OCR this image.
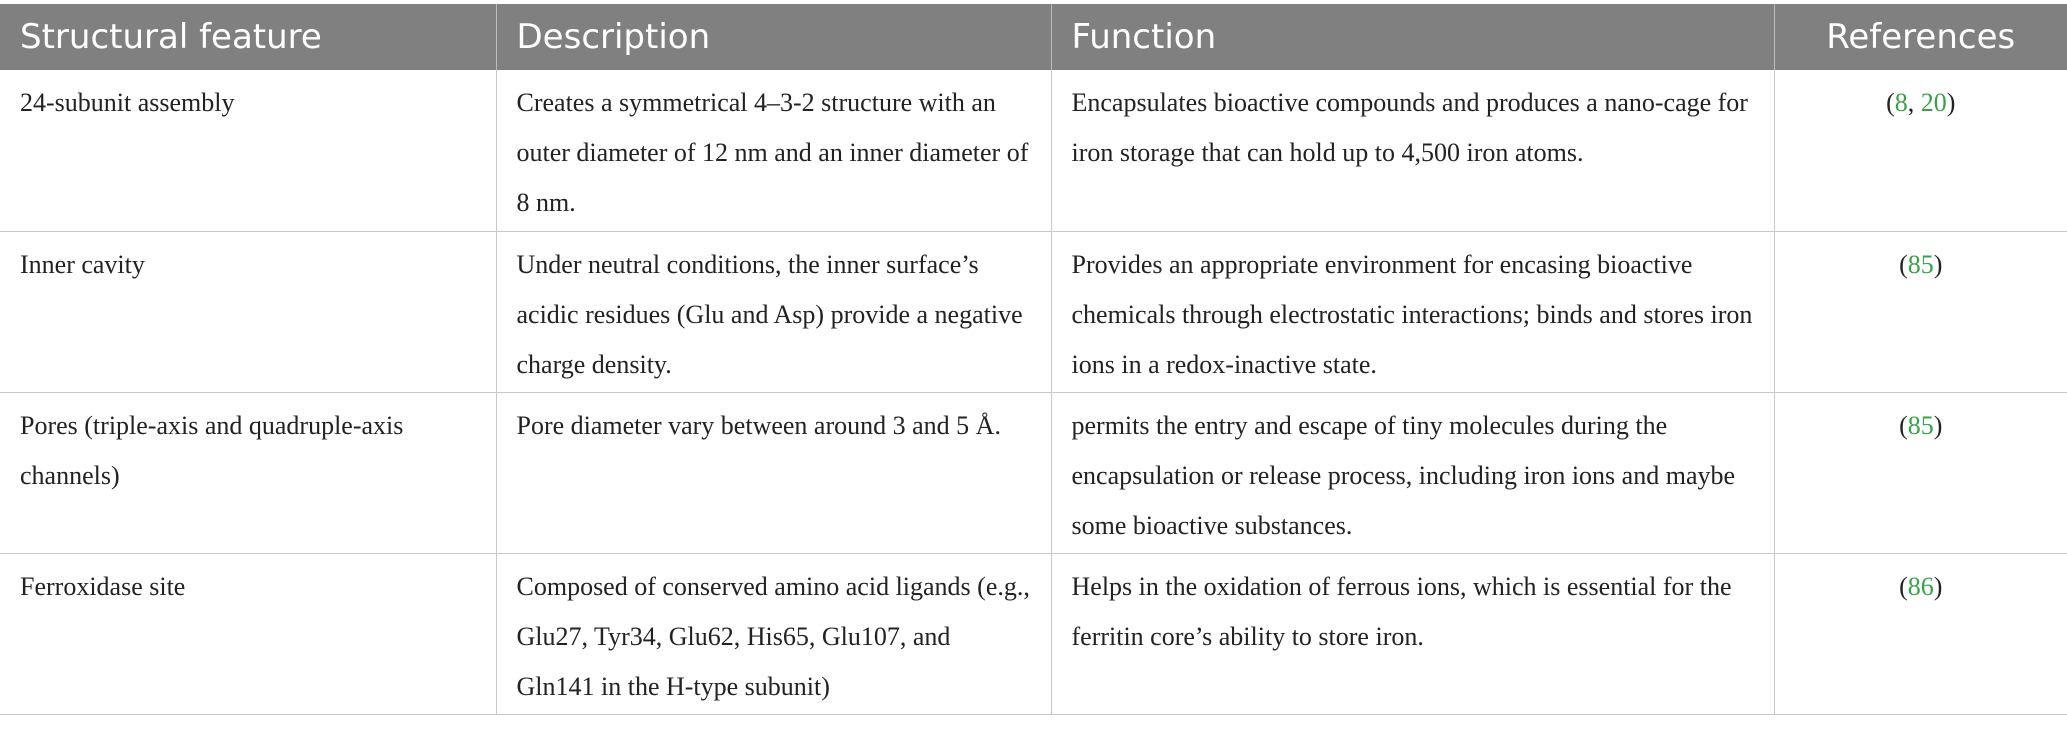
Structural feature	Description	Function	References
24-subunit assembly	Creates a symmetrical 4–3-2 structure with an outer diameter of 12 nm and an inner diameter of 8 nm.	Encapsulates bioactive compounds and produces a nano-cage for iron storage that can hold up to 4,500 iron atoms.	(8, 20)
Inner cavity	Under neutral conditions, the inner surface’s acidic residues (Glu and Asp) provide a negative charge density.	Provides an appropriate environment for encasing bioactive chemicals through electrostatic interactions; binds and stores iron ions in a redox-inactive state.	(85)
Pores (triple-axis and quadruple-axis channels)	Pore diameter vary between around 3 and 5 Å.	permits the entry and escape of tiny molecules during the encapsulation or release process, including iron ions and maybe some bioactive substances.	(85)
Ferroxidase site	Composed of conserved amino acid ligands (e.g., Glu27, Tyr34, Glu62, His65, Glu107, and Gln141 in the H-type subunit)	Helps in the oxidation of ferrous ions, which is essential for the ferritin core’s ability to store iron.	(86)
